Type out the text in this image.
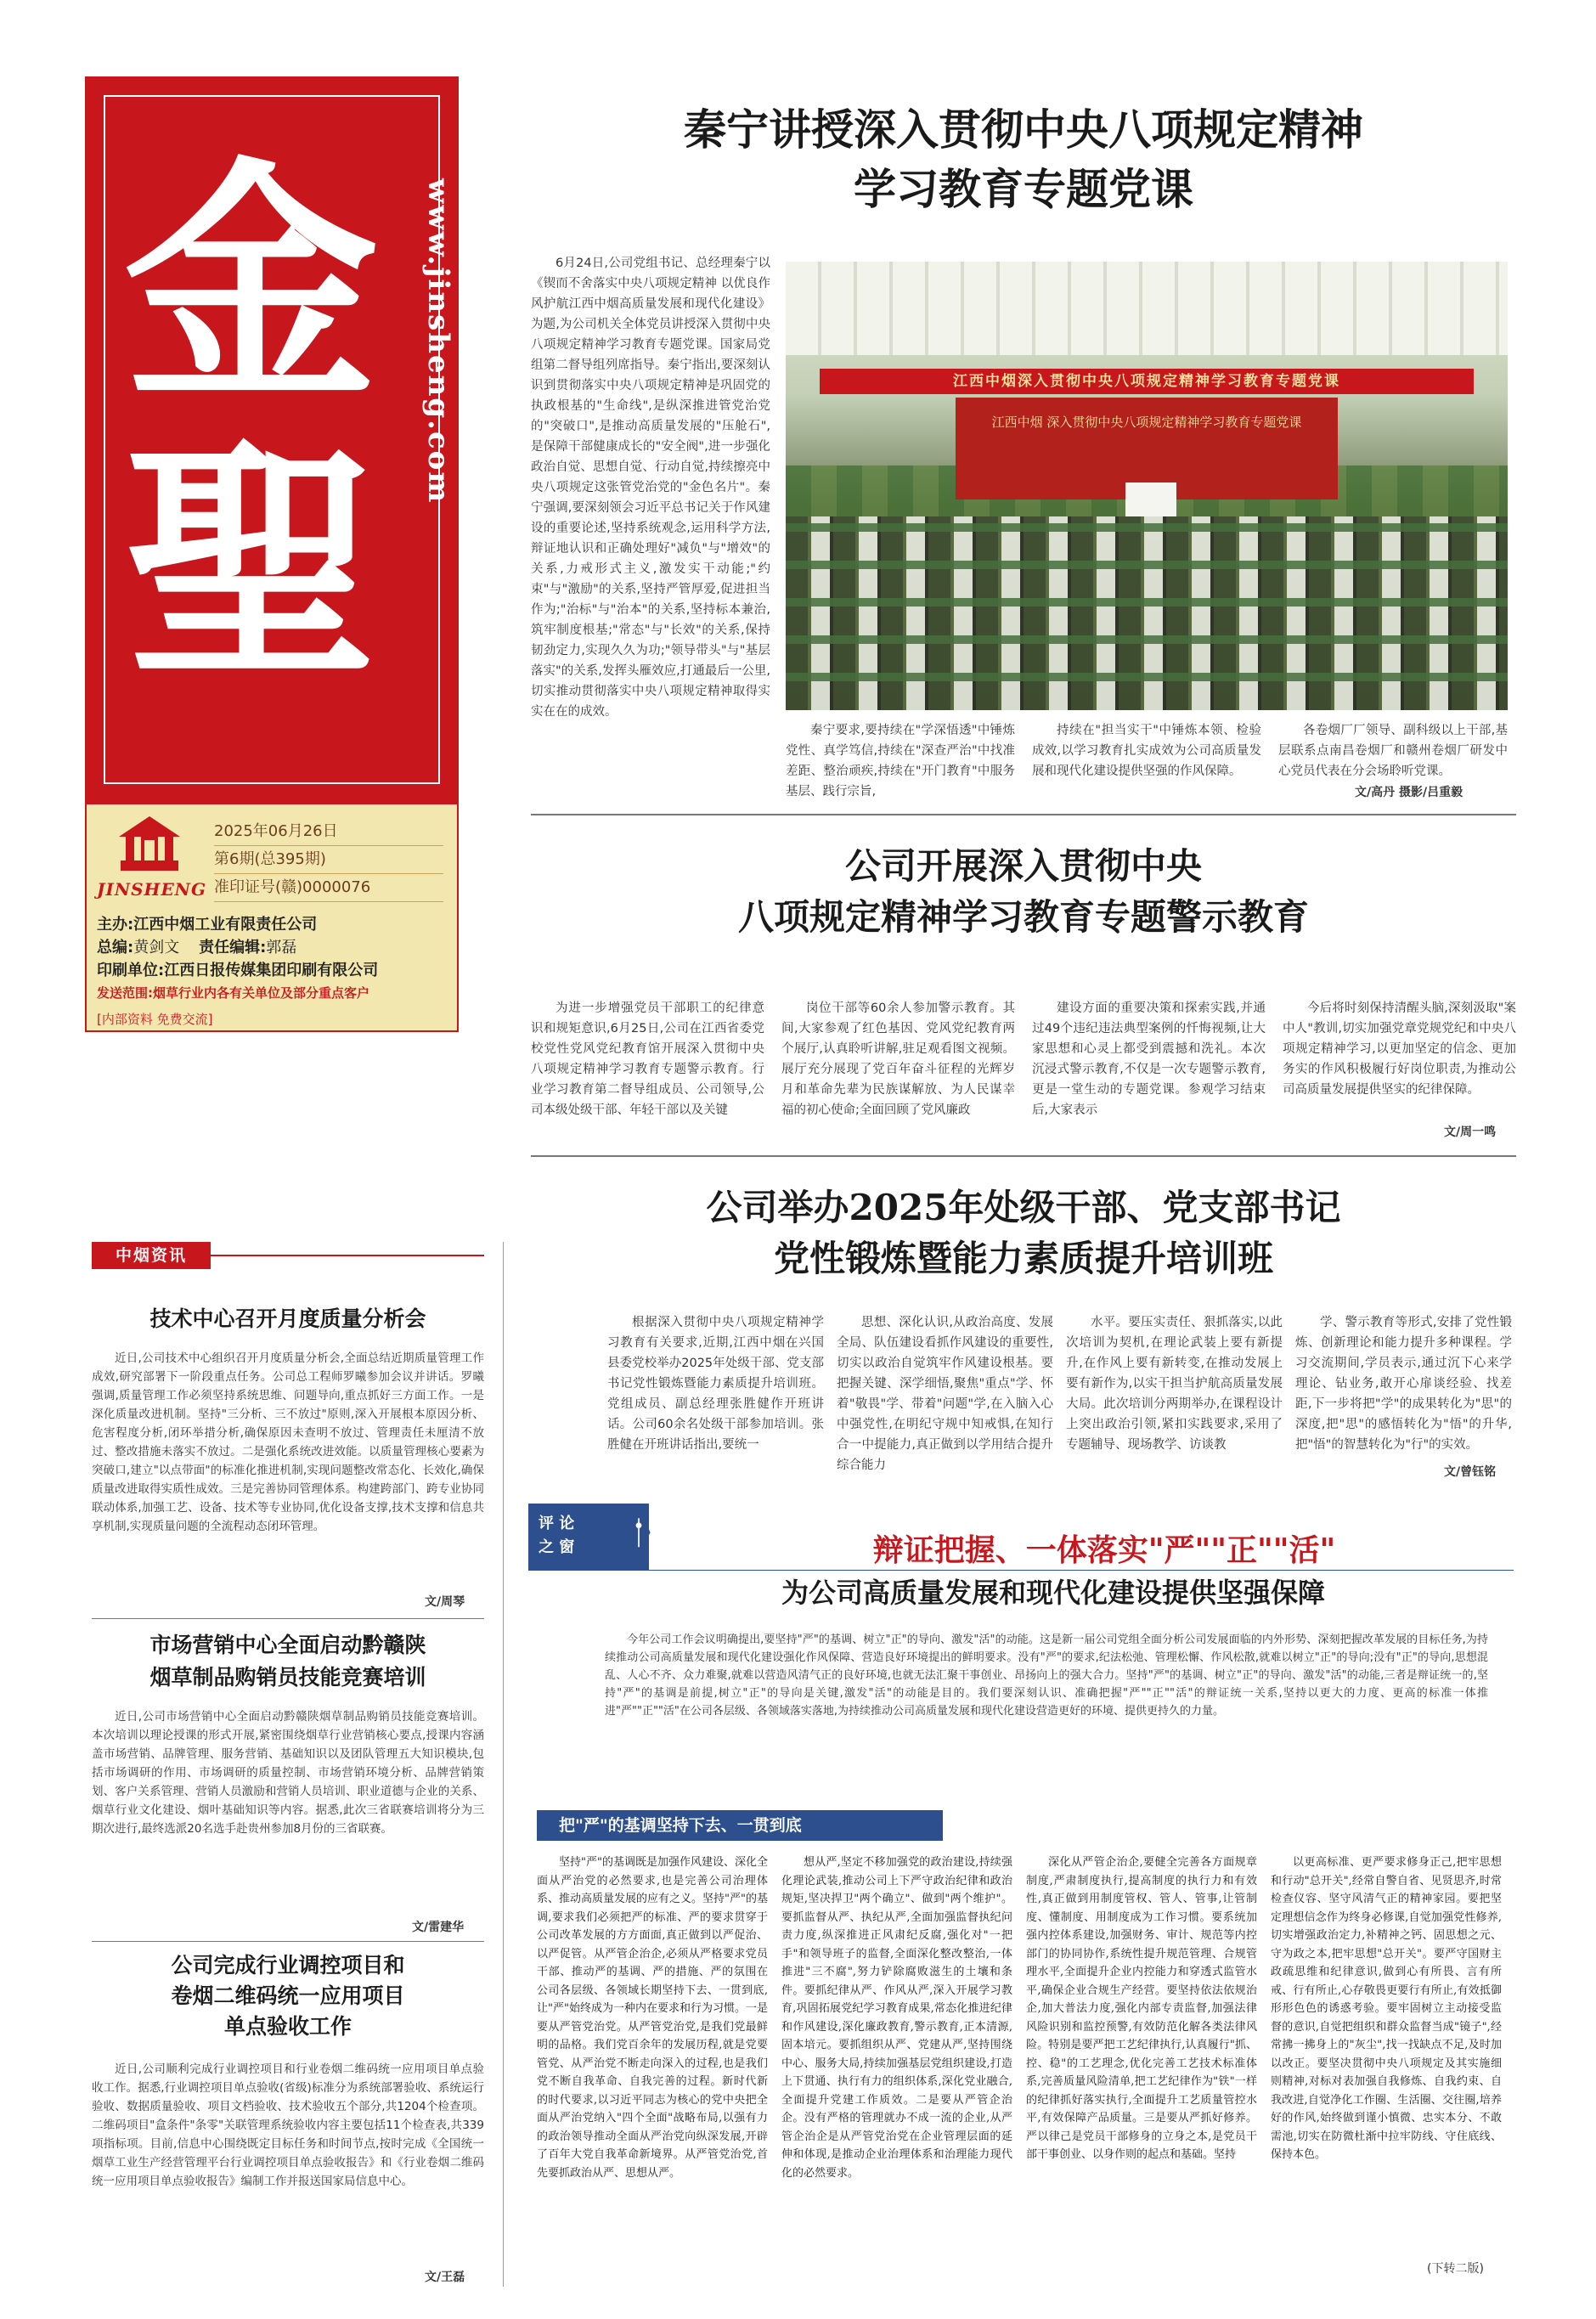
金聖
www.jinsheng.com
JINSHENG
2025年06月26日
第6期(总395期)
准印证号(赣)0000076
主办:江西中烟工业有限责任公司
总编:黄剑文 责任编辑:郭磊
印刷单位:江西日报传媒集团印刷有限公司
发送范围:烟草行业内各有关单位及部分重点客户
[内部资料 免费交流]
秦宁讲授深入贯彻中央八项规定精神
学习教育专题党课
6月24日,公司党组书记、总经理秦宁以《锲而不舍落实中央八项规定精神 以优良作风护航江西中烟高质量发展和现代化建设》为题,为公司机关全体党员讲授深入贯彻中央八项规定精神学习教育专题党课。国家局党组第二督导组列席指导。秦宁指出,要深刻认识到贯彻落实中央八项规定精神是巩固党的执政根基的"生命线",是纵深推进管党治党的"突破口",是推动高质量发展的"压舱石",是保障干部健康成长的"安全阀",进一步强化政治自觉、思想自觉、行动自觉,持续擦亮中央八项规定这张管党治党的"金色名片"。秦宁强调,要深刻领会习近平总书记关于作风建设的重要论述,坚持系统观念,运用科学方法,辩证地认识和正确处理好"减负"与"增效"的关系,力戒形式主义,激发实干动能;"约束"与"激励"的关系,坚持严管厚爱,促进担当作为;"治标"与"治本"的关系,坚持标本兼治,筑牢制度根基;"常态"与"长效"的关系,保持韧劲定力,实现久久为功;"领导带头"与"基层落实"的关系,发挥头雁效应,打通最后一公里,切实推动贯彻落实中央八项规定精神取得实实在在的成效。
江西中烟 深入贯彻中央八项规定精神学习教育专题党课
江西中烟深入贯彻中央八项规定精神学习教育专题党课
秦宁要求,要持续在"学深悟透"中锤炼党性、真学笃信,持续在"深查严治"中找准差距、整治顽疾,持续在"开门教育"中服务基层、践行宗旨,
持续在"担当实干"中锤炼本领、检验成效,以学习教育扎实成效为公司高质量发展和现代化建设提供坚强的作风保障。
各卷烟厂厂领导、副科级以上干部,基层联系点南昌卷烟厂和赣州卷烟厂研发中心党员代表在分会场聆听党课。
文/高丹 摄影/吕重毅
公司开展深入贯彻中央
八项规定精神学习教育专题警示教育
为进一步增强党员干部职工的纪律意识和规矩意识,6月25日,公司在江西省委党校党性党风党纪教育馆开展深入贯彻中央八项规定精神学习教育专题警示教育。行业学习教育第二督导组成员、公司领导,公司本级处级干部、年轻干部以及关键
岗位干部等60余人参加警示教育。其间,大家参观了红色基因、党风党纪教育两个展厅,认真聆听讲解,驻足观看图文视频。展厅充分展现了党百年奋斗征程的光辉岁月和革命先辈为民族谋解放、为人民谋幸福的初心使命;全面回顾了党风廉政
建设方面的重要决策和探索实践,并通过49个违纪违法典型案例的忏悔视频,让大家思想和心灵上都受到震撼和洗礼。本次沉浸式警示教育,不仅是一次专题警示教育,更是一堂生动的专题党课。参观学习结束后,大家表示
今后将时刻保持清醒头脑,深刻汲取"案中人"教训,切实加强党章党规党纪和中央八项规定精神学习,以更加坚定的信念、更加务实的作风积极履行好岗位职责,为推动公司高质量发展提供坚实的纪律保障。
文/周一鸣
公司举办2025年处级干部、党支部书记
党性锻炼暨能力素质提升培训班
根据深入贯彻中央八项规定精神学习教育有关要求,近期,江西中烟在兴国县委党校举办2025年处级干部、党支部书记党性锻炼暨能力素质提升培训班。党组成员、副总经理张胜健作开班讲话。公司60余名处级干部参加培训。张胜健在开班讲话指出,要统一
思想、深化认识,从政治高度、发展全局、队伍建设看抓作风建设的重要性,切实以政治自觉筑牢作风建设根基。要把握关键、深学细悟,聚焦"重点"学、怀着"敬畏"学、带着"问题"学,在入脑入心中强党性,在明纪守规中知戒惧,在知行合一中提能力,真正做到以学用结合提升综合能力
水平。要压实责任、狠抓落实,以此次培训为契机,在理论武装上要有新提升,在作风上要有新转变,在推动发展上要有新作为,以实干担当护航高质量发展大局。此次培训分两期举办,在课程设计上突出政治引领,紧扣实践要求,采用了专题辅导、现场教学、访谈教
学、警示教育等形式,安排了党性锻炼、创新理论和能力提升多种课程。学习交流期间,学员表示,通过沉下心来学理论、钻业务,敢开心扉谈经验、找差距,下一步将把"学"的成果转化为"思"的深度,把"思"的感悟转化为"悟"的升华,把"悟"的智慧转化为"行"的实效。
文/曾钰铭
中烟资讯
技术中心召开月度质量分析会
近日,公司技术中心组织召开月度质量分析会,全面总结近期质量管理工作成效,研究部署下一阶段重点任务。公司总工程师罗曦参加会议并讲话。罗曦强调,质量管理工作必须坚持系统思维、问题导向,重点抓好三方面工作。一是深化质量改进机制。坚持"三分析、三不放过"原则,深入开展根本原因分析、危害程度分析,闭环举措分析,确保原因未查明不放过、管理责任未厘清不放过、整改措施未落实不放过。二是强化系统改进效能。以质量管理核心要素为突破口,建立"以点带面"的标准化推进机制,实现问题整改常态化、长效化,确保质量改进取得实质性成效。三是完善协同管理体系。构建跨部门、跨专业协同联动体系,加强工艺、设备、技术等专业协同,优化设备支撑,技术支撑和信息共享机制,实现质量问题的全流程动态闭环管理。
文/周琴
市场营销中心全面启动黔赣陕
烟草制品购销员技能竞赛培训
近日,公司市场营销中心全面启动黔赣陕烟草制品购销员技能竞赛培训。本次培训以理论授课的形式开展,紧密围绕烟草行业营销核心要点,授课内容涵盖市场营销、品牌管理、服务营销、基础知识以及团队管理五大知识模块,包括市场调研的作用、市场调研的质量控制、市场营销环境分析、品牌营销策划、客户关系管理、营销人员激励和营销人员培训、职业道德与企业的关系、烟草行业文化建设、烟叶基础知识等内容。据悉,此次三省联赛培训将分为三期次进行,最终选派20名选手赴贵州参加8月份的三省联赛。
文/雷建华
公司完成行业调控项目和
卷烟二维码统一应用项目
单点验收工作
近日,公司顺利完成行业调控项目和行业卷烟二维码统一应用项目单点验收工作。据悉,行业调控项目单点验收(省级)标准分为系统部署验收、系统运行验收、数据质量验收、项目文档验收、技术验收五个部分,共1204个检查项。二维码项目"盒条件"条零"关联管理系统验收内容主要包括11个检查表,共339项指标项。目前,信息中心围绕既定目标任务和时间节点,按时完成《全国统一烟草工业生产经营管理平台行业调控项目单点验收报告》和《行业卷烟二维码统一应用项目单点验收报告》编制工作并报送国家局信息中心。
文/王磊
评 论
之 窗	辩证把握、一体落实"严""正""活"
为公司高质量发展和现代化建设提供坚强保障
今年公司工作会议明确提出,要坚持"严"的基调、树立"正"的导向、激发"活"的动能。这是新一届公司党组全面分析公司发展面临的内外形势、深刻把握改革发展的目标任务,为持续推动公司高质量发展和现代化建设强化作风保障、营造良好环境提出的鲜明要求。没有"严"的要求,纪法松弛、管理松懈、作风松散,就难以树立"正"的导向;没有"正"的导向,思想混乱、人心不齐、众力难聚,就难以营造风清气正的良好环境,也就无法汇聚干事创业、昂扬向上的强大合力。坚持"严"的基调、树立"正"的导向、激发"活"的动能,三者是辩证统一的,坚持"严"的基调是前提,树立"正"的导向是关键,激发"活"的动能是目的。我们要深刻认识、准确把握"严""正""活"的辩证统一关系,坚持以更大的力度、更高的标准一体推进"严""正""活"在公司各层级、各领域落实落地,为持续推动公司高质量发展和现代化建设营造更好的环境、提供更持久的力量。
把"严"的基调坚持下去、一贯到底
坚持"严"的基调既是加强作风建设、深化全面从严治党的必然要求,也是完善公司治理体系、推动高质量发展的应有之义。坚持"严"的基调,要求我们必须把严的标准、严的要求贯穿于公司改革发展的方方面面,真正做到以严促治、以严促管。从严管企治企,必须从严格要求党员干部、推动严的基调、严的措施、严的氛围在公司各层级、各领域长期坚持下去、一贯到底,让"严"始终成为一种内在要求和行为习惯。一是要从严管党治党。从严管党治党,是我们党最鲜明的品格。我们党百余年的发展历程,就是党要管党、从严治党不断走向深入的过程,也是我们党不断自我革命、自我完善的过程。新时代新的时代要求,以习近平同志为核心的党中央把全面从严治党纳入"四个全面"战略布局,以强有力的政治领导推动全面从严治党向纵深发展,开辟了百年大党自我革命新境界。从严管党治党,首先要抓政治从严、思想从严。
想从严,坚定不移加强党的政治建设,持续强化理论武装,推动公司上下严守政治纪律和政治规矩,坚决捍卫"两个确立"、做到"两个维护"。要抓监督从严、执纪从严,全面加强监督执纪问责力度,纵深推进正风肃纪反腐,强化对"一把手"和领导班子的监督,全面深化整改整治,一体推进"三不腐",努力铲除腐败滋生的土壤和条件。要抓纪律从严、作风从严,深入开展学习教育,巩固拓展党纪学习教育成果,常态化推进纪律和作风建设,深化廉政教育,警示教育,正本清源,固本培元。要抓组织从严、党建从严,坚持围绕中心、服务大局,持续加强基层党组织建设,打造上下贯通、执行有力的组织体系,深化党业融合,全面提升党建工作质效。二是要从严管企治企。没有严格的管理就办不成一流的企业,从严管企治企是从严管党治党在企业管理层面的延伸和体现,是推动企业治理体系和治理能力现代化的必然要求。
深化从严管企治企,要健全完善各方面规章制度,严肃制度执行,提高制度的执行力和有效性,真正做到用制度管权、管人、管事,让管制度、懂制度、用制度成为工作习惯。要系统加强内控体系建设,加强财务、审计、规范等内控部门的协同协作,系统性提升规范管理、合规管理水平,全面提升企业内控能力和穿透式监管水平,确保企业合规生产经营。要坚持依法依规治企,加大普法力度,强化内部专责监督,加强法律风险识别和监控预警,有效防范化解各类法律风险。特别是要严把工艺纪律执行,认真履行"抓、控、稳"的工艺理念,优化完善工艺技术标准体系,完善质量风险清单,把工艺纪律作为"铁"一样的纪律抓好落实执行,全面提升工艺质量管控水平,有效保障产品质量。三是要从严抓好修养。严以律己是党员干部修身的立身之本,是党员干部干事创业、以身作则的起点和基础。坚持
以更高标准、更严要求修身正己,把牢思想和行动"总开关",经常自警自省、见贤思齐,时常检查仪容、坚守风清气正的精神家园。要把坚定理想信念作为终身必修课,自觉加强党性修养,切实增强政治定力,补精神之钙、固思想之元、守为政之本,把牢思想"总开关"。要严守国财主政疏思维和纪律意识,做到心有所畏、言有所戒、行有所止,心存敬畏更要行有所止,有效抵御形形色色的诱惑考验。要牢固树立主动接受监督的意识,自觉把组织和群众监督当成"镜子",经常拂一拂身上的"灰尘",找一找缺点不足,及时加以改正。要坚决贯彻中央八项规定及其实施细则精神,对标对表加强自我修炼、自我约束、自我改进,自觉净化工作圈、生活圈、交往圈,培养好的作风,始终做到谨小慎微、忠实本分、不敢需池,切实在防微杜渐中拉牢防线、守住底线、保持本色。
(下转二版)
